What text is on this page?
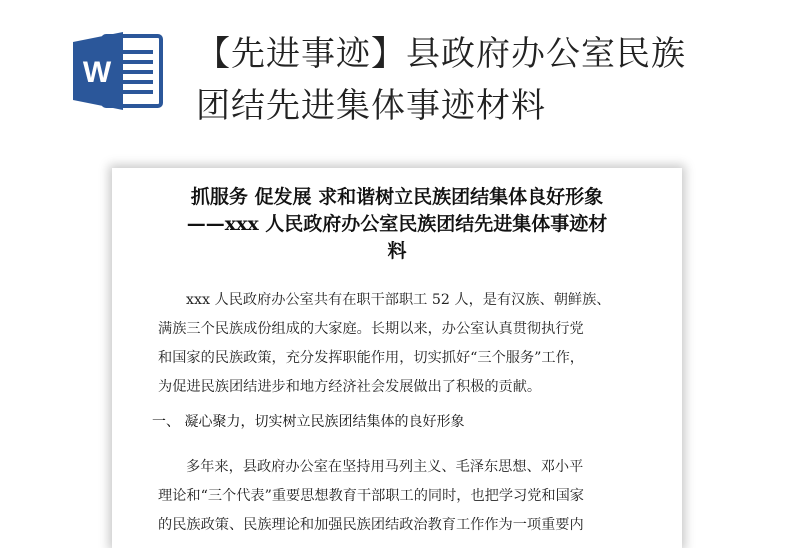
W 【先进事迹】县政府办公室民族
团结先进集体事迹材料
抓服务 促发展 求和谐树立民族团结集体良好形象
——xxx 人民政府办公室民族团结先进集体事迹材
料

xxx 人民政府办公室共有在职干部职工 52 人，是有汉族、朝鲜族、
满族三个民族成份组成的大家庭。长期以来，办公室认真贯彻执行党
和国家的民族政策，充分发挥职能作用，切实抓好“三个服务”工作，
为促进民族团结进步和地方经济社会发展做出了积极的贡献。

一、 凝心聚力，切实树立民族团结集体的良好形象

多年来，县政府办公室在坚持用马列主义、毛泽东思想、邓小平
理论和“三个代表”重要思想教育干部职工的同时，也把学习党和国家
的民族政策、民族理论和加强民族团结政治教育工作作为一项重要内
